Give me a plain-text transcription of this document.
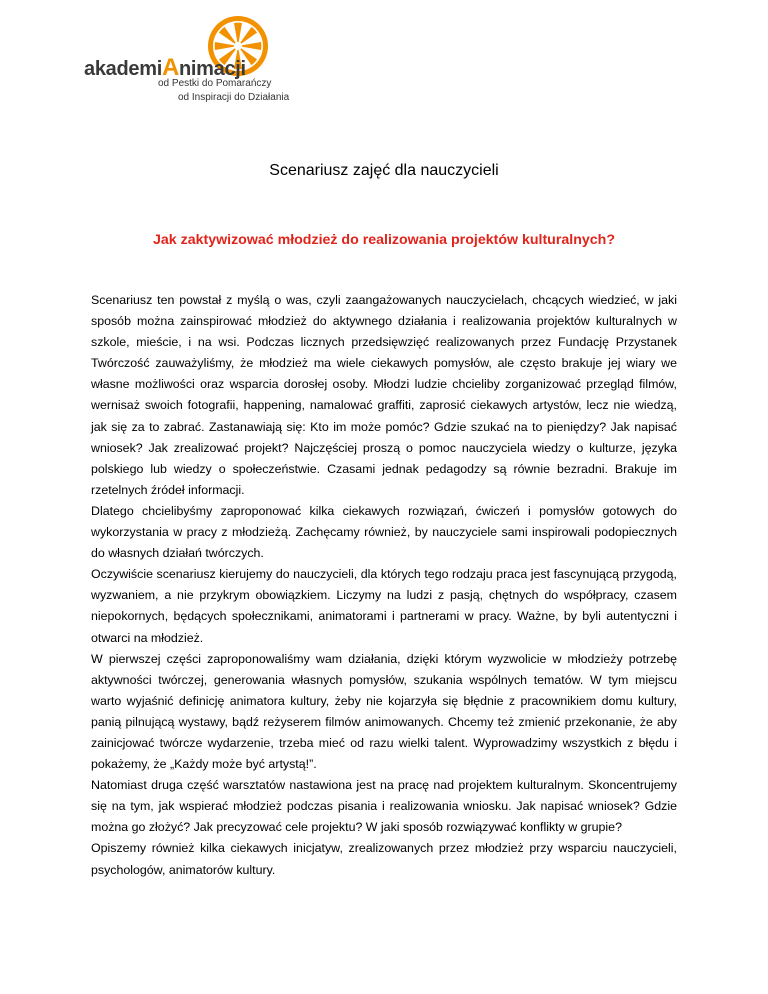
akademiAnimacji
od Pestki do Pomarańczy
od Inspiracji do Działania
Scenariusz zajęć dla nauczycieli
Jak zaktywizować młodzież do realizowania projektów kulturalnych?

Scenariusz ten powstał z myślą o was, czyli zaangażowanych nauczycielach, chcących wiedzieć, w jaki sposób można zainspirować młodzież do aktywnego działania i realizowania projektów kulturalnych w szkole, mieście, i na wsi. Podczas licznych przedsięwzięć realizowanych przez Fundację Przystanek Twórczość zauważyliśmy, że młodzież ma wiele ciekawych pomysłów, ale często brakuje jej wiary we własne możliwości oraz wsparcia dorosłej osoby. Młodzi ludzie chcieliby zorganizować przegląd filmów, wernisaż swoich fotografii, happening, namalować graffiti, zaprosić ciekawych artystów, lecz nie wiedzą, jak się za to zabrać. Zastanawiają się: Kto im może pomóc? Gdzie szukać na to pieniędzy? Jak napisać wniosek? Jak zrealizować projekt? Najczęściej proszą o pomoc nauczyciela wiedzy o kulturze, języka polskiego lub wiedzy o społeczeństwie. Czasami jednak pedagodzy są równie bezradni. Brakuje im rzetelnych źródeł informacji.

Dlatego chcielibyśmy zaproponować kilka ciekawych rozwiązań, ćwiczeń i pomysłów gotowych do wykorzystania w pracy z młodzieżą. Zachęcamy również, by nauczyciele sami inspirowali podopiecznych do własnych działań twórczych.

Oczywiście scenariusz kierujemy do nauczycieli, dla których tego rodzaju praca jest fascynującą przygodą, wyzwaniem, a nie przykrym obowiązkiem. Liczymy na ludzi z pasją, chętnych do współpracy, czasem niepokornych, będących społecznikami, animatorami i partnerami w pracy. Ważne, by byli autentyczni i otwarci na młodzież.

W pierwszej części zaproponowaliśmy wam działania, dzięki którym wyzwolicie w młodzieży potrzebę aktywności twórczej, generowania własnych pomysłów, szukania wspólnych tematów. W tym miejscu warto wyjaśnić definicję animatora kultury, żeby nie kojarzyła się błędnie z pracownikiem domu kultury, panią pilnującą wystawy, bądź reżyserem filmów animowanych. Chcemy też zmienić przekonanie, że aby zainicjować twórcze wydarzenie, trzeba mieć od razu wielki talent. Wyprowadzimy wszystkich z błędu i pokażemy, że „Każdy może być artystą!”.

Natomiast druga część warsztatów nastawiona jest na pracę nad projektem kulturalnym. Skoncentrujemy się na tym, jak wspierać młodzież podczas pisania i realizowania wniosku. Jak napisać wniosek? Gdzie można go złożyć? Jak precyzować cele projektu? W jaki sposób rozwiązywać konflikty w grupie?

Opiszemy również kilka ciekawych inicjatyw, zrealizowanych przez młodzież przy wsparciu nauczycieli, psychologów, animatorów kultury.
